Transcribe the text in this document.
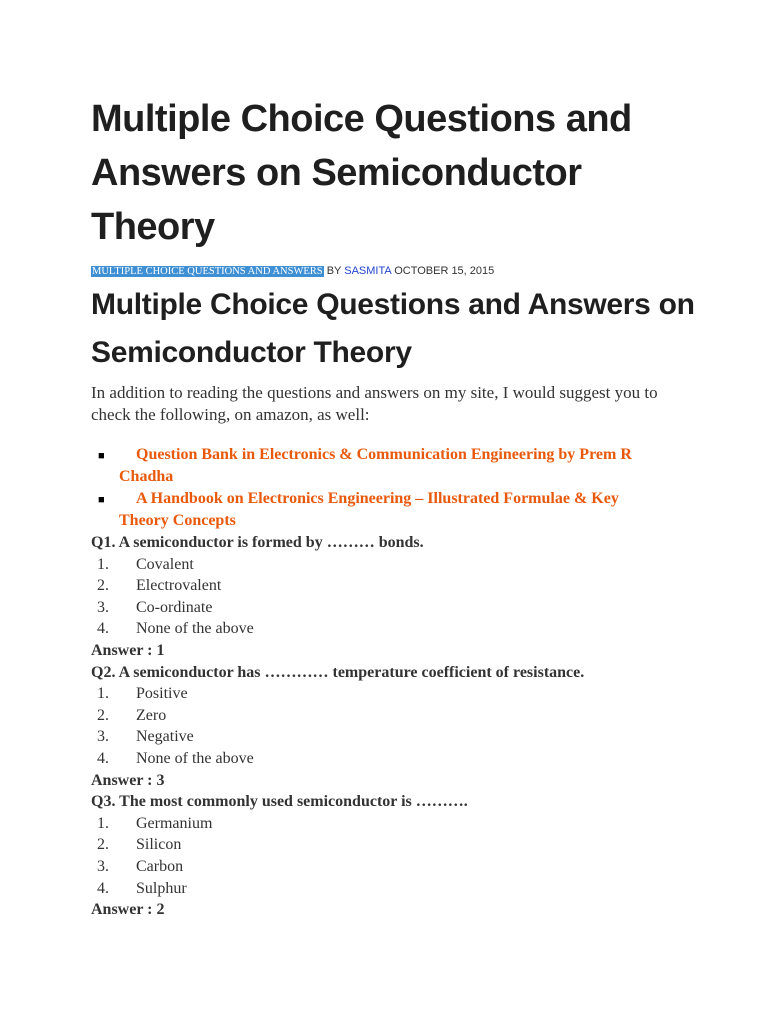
Multiple Choice Questions and Answers on Semiconductor Theory
MULTIPLE CHOICE QUESTIONS AND ANSWERS BY SASMITA OCTOBER 15, 2015
Multiple Choice Questions and Answers on Semiconductor Theory

In addition to reading the questions and answers on my site, I would suggest you to check the following, on amazon, as well:

■ Question Bank in Electronics & Communication Engineering by Prem R Chadha
■ A Handbook on Electronics Engineering – Illustrated Formulae & Key Theory Concepts

Q1. A semiconductor is formed by ……… bonds.

1. Covalent
2. Electrovalent
3. Co-ordinate
4. None of the above

Answer : 1

Q2. A semiconductor has ………… temperature coefficient of resistance.

1. Positive
2. Zero
3. Negative
4. None of the above

Answer : 3

Q3. The most commonly used semiconductor is ……….

1. Germanium
2. Silicon
3. Carbon
4. Sulphur

Answer : 2
